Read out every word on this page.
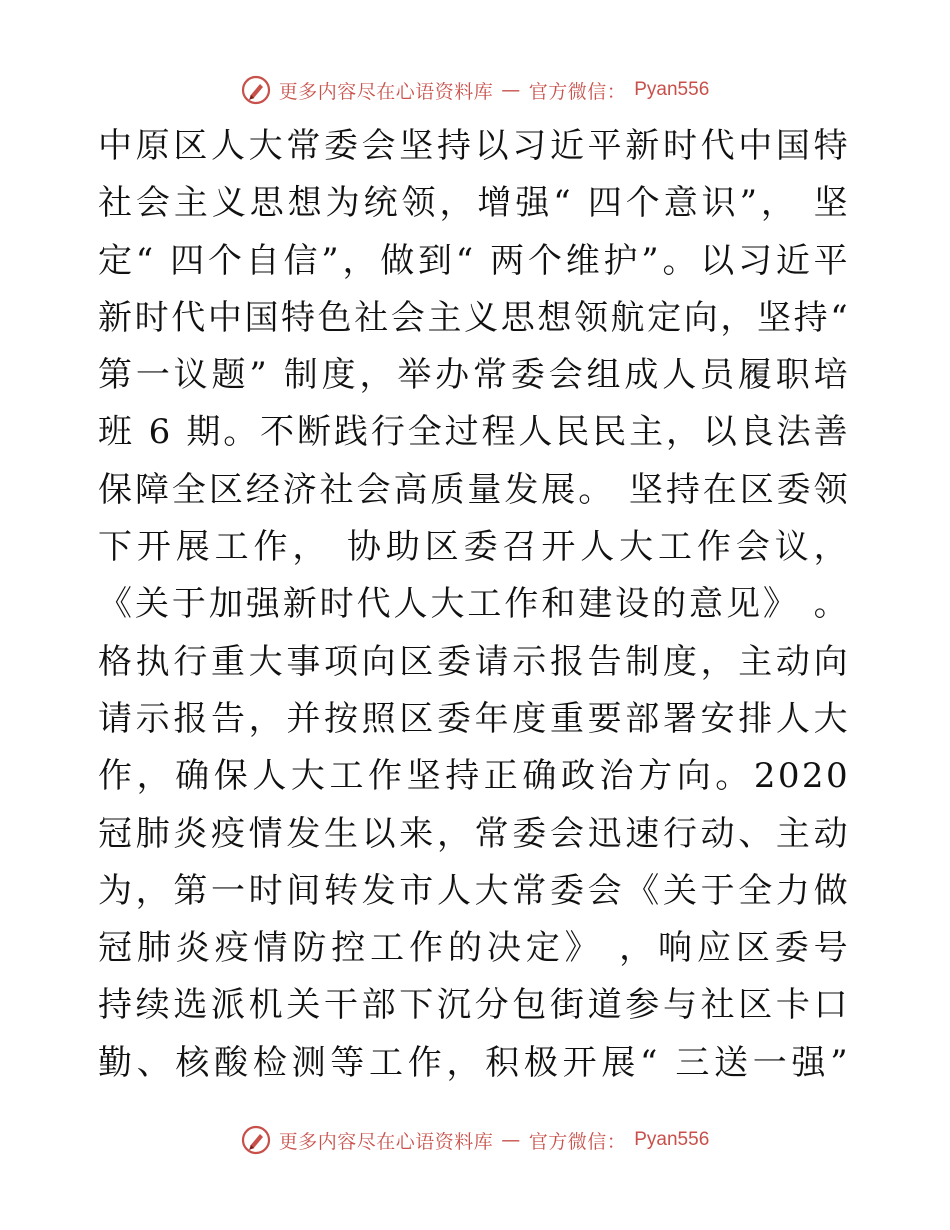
更多内容尽在心语资料库 — 官方微信： Pyan556
中原区人大常委会坚持以习近平新时代中国特
社会主义思想为统领，增强“ 四个意识”， 坚
定“ 四个自信”，做到“ 两个维护”。以习近平
新时代中国特色社会主义思想领航定向，坚持“
第一议题” 制度，举办常委会组成人员履职培
班 6 期。不断践行全过程人民民主，以良法善
保障全区经济社会高质量发展。 坚持在区委领
下开展工作， 协助区委召开人大工作会议，
《关于加强新时代人大工作和建设的意见》 。
格执行重大事项向区委请示报告制度，主动向
请示报告，并按照区委年度重要部署安排人大
作，确保人大工作坚持正确政治方向。2020
冠肺炎疫情发生以来，常委会迅速行动、主动
为，第一时间转发市人大常委会《关于全力做
冠肺炎疫情防控工作的决定》 ，响应区委号
持续选派机关干部下沉分包街道参与社区卡口
勤、核酸检测等工作，积极开展“ 三送一强”
更多内容尽在心语资料库 — 官方微信： Pyan556
